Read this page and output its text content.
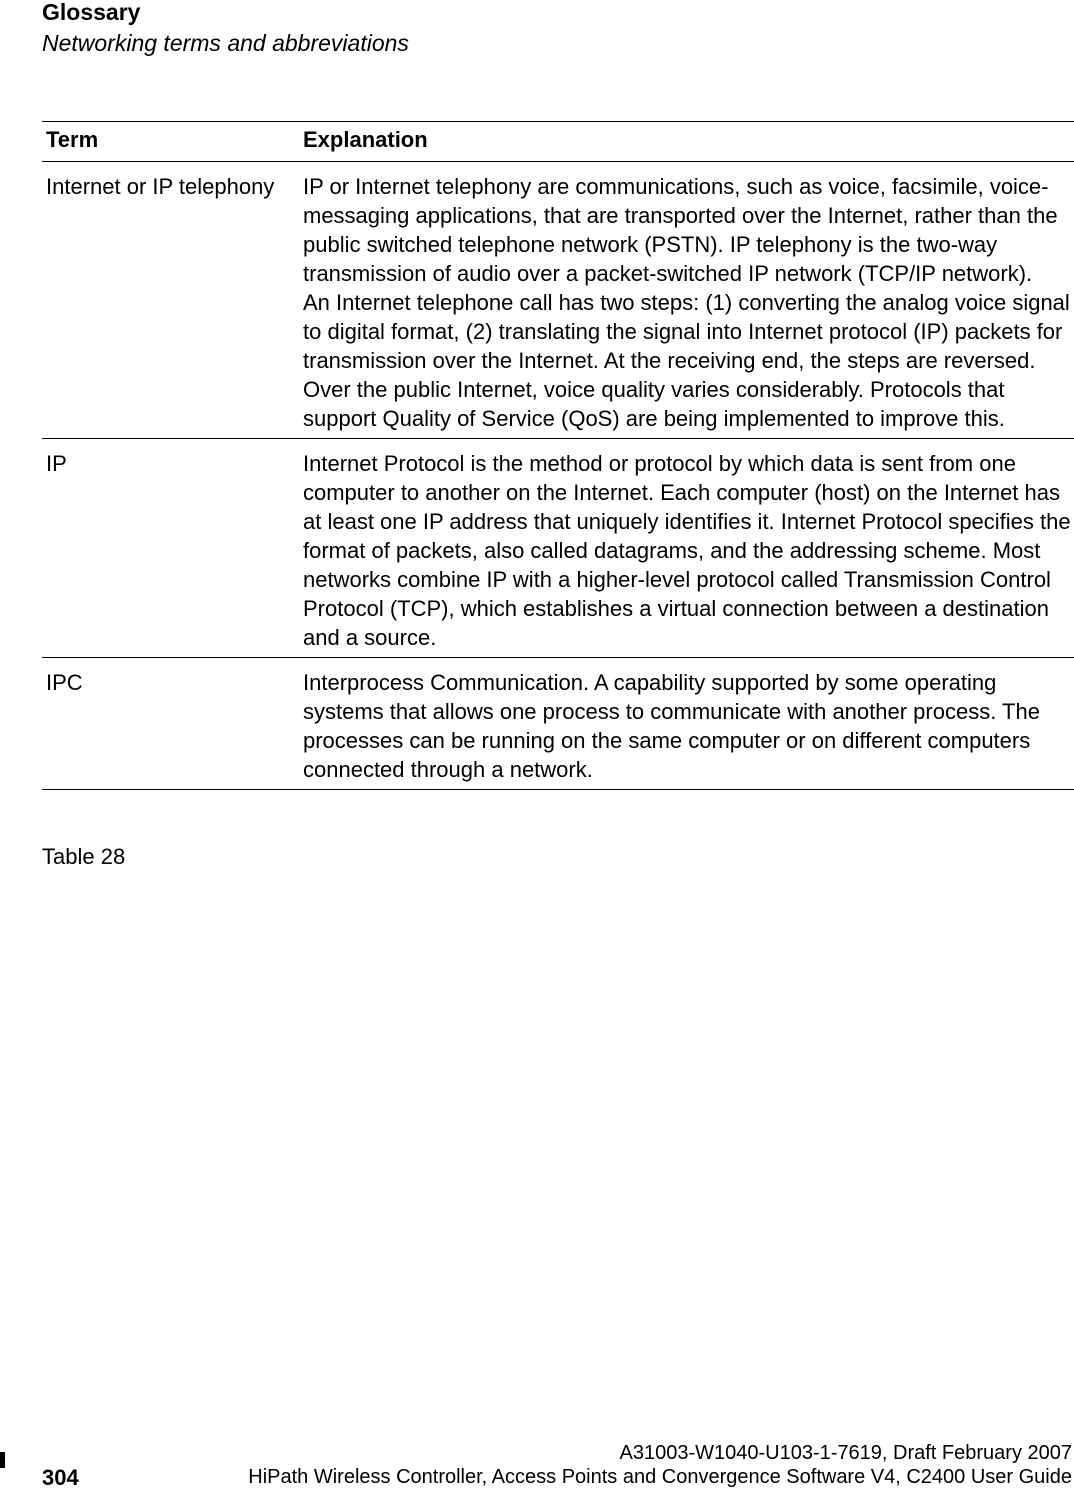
Glossary
Networking terms and abbreviations
Term	Explanation
Internet or IP telephony	IP or Internet telephony are communications, such as voice, facsimile, voice-messaging applications, that are transported over the Internet, rather than the public switched telephone network (PSTN). IP telephony is the two-way transmission of audio over a packet-switched IP network (TCP/IP network).
An Internet telephone call has two steps: (1) converting the analog voice signal to digital format, (2) translating the signal into Internet protocol (IP) packets for transmission over the Internet. At the receiving end, the steps are reversed. Over the public Internet, voice quality varies considerably. Protocols that support Quality of Service (QoS) are being implemented to improve this.

IP	Internet Protocol is the method or protocol by which data is sent from one computer to another on the Internet. Each computer (host) on the Internet has at least one IP address that uniquely identifies it. Internet Protocol specifies the format of packets, also called datagrams, and the addressing scheme. Most networks combine IP with a higher-level protocol called Transmission Control Protocol (TCP), which establishes a virtual connection between a destination and a source.

IPC	Interprocess Communication. A capability supported by some operating systems that allows one process to communicate with another process. The processes can be running on the same computer or on different computers connected through a network.
Table 28
A31003-W1040-U103-1-7619, Draft February 2007
304	HiPath Wireless Controller, Access Points and Convergence Software V4, C2400 User Guide
